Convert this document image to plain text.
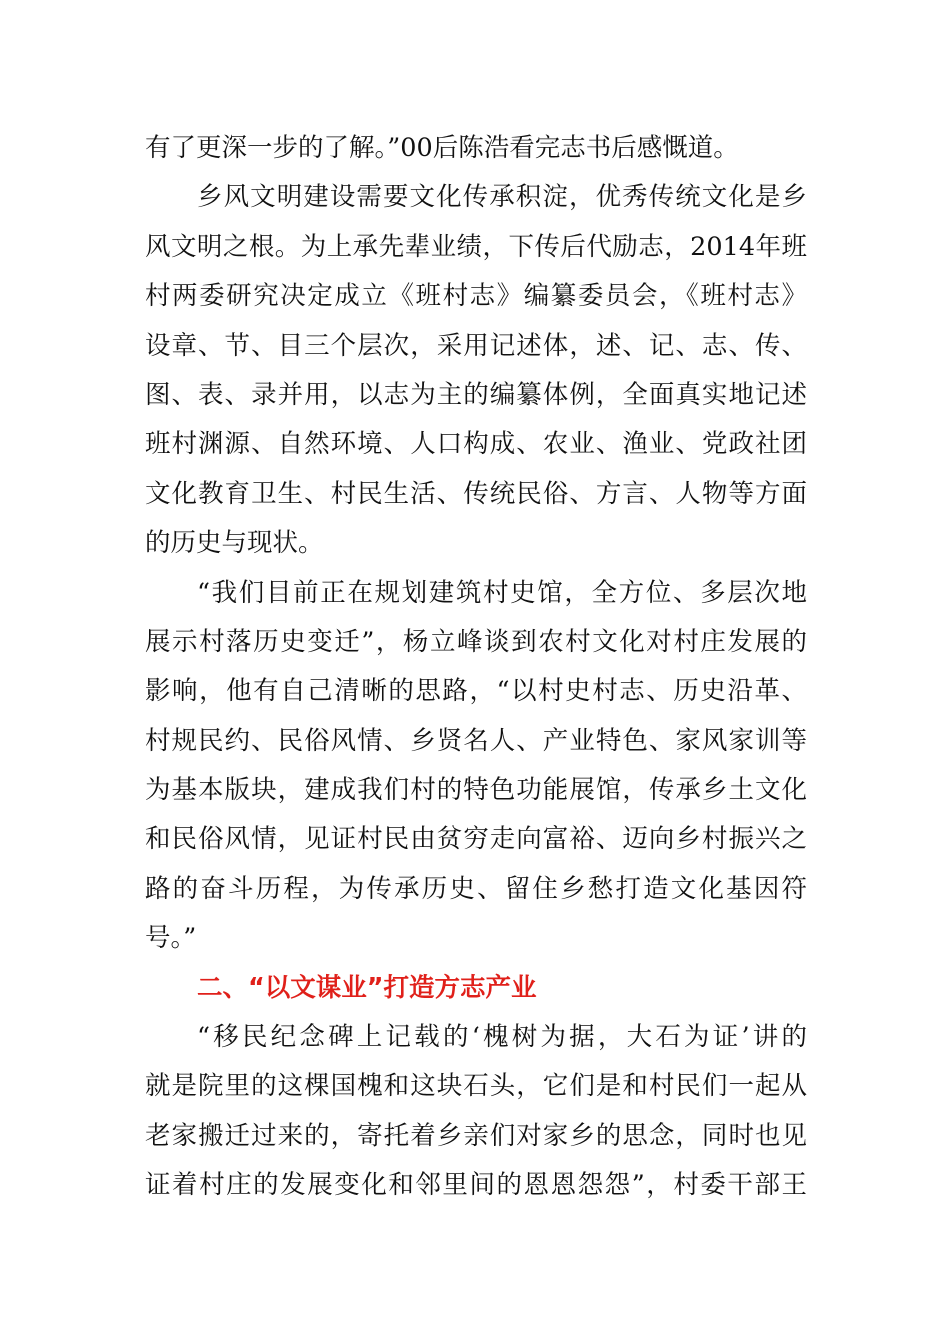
有了更深一步的了解。”00后陈浩看完志书后感慨道。
乡风文明建设需要文化传承积淀，优秀传统文化是乡
风文明之根。为上承先辈业绩，下传后代励志，2014年班
村两委研究决定成立《班村志》编纂委员会，《班村志》
设章、节、目三个层次，采用记述体，述、记、志、传、
图、表、录并用，以志为主的编纂体例，全面真实地记述
班村渊源、自然环境、人口构成、农业、渔业、党政社团
文化教育卫生、村民生活、传统民俗、方言、人物等方面
的历史与现状。
“我们目前正在规划建筑村史馆，全方位、多层次地
展示村落历史变迁”，杨立峰谈到农村文化对村庄发展的
影响，他有自己清晰的思路，“以村史村志、历史沿革、
村规民约、民俗风情、乡贤名人、产业特色、家风家训等
为基本版块，建成我们村的特色功能展馆，传承乡土文化
和民俗风情，见证村民由贫穷走向富裕、迈向乡村振兴之
路的奋斗历程，为传承历史、留住乡愁打造文化基因符
号。”
二、“以文谋业”打造方志产业
“移民纪念碑上记载的‘槐树为据，大石为证’讲的
就是院里的这棵国槐和这块石头，它们是和村民们一起从
老家搬迁过来的，寄托着乡亲们对家乡的思念，同时也见
证着村庄的发展变化和邻里间的恩恩怨怨”，村委干部王
